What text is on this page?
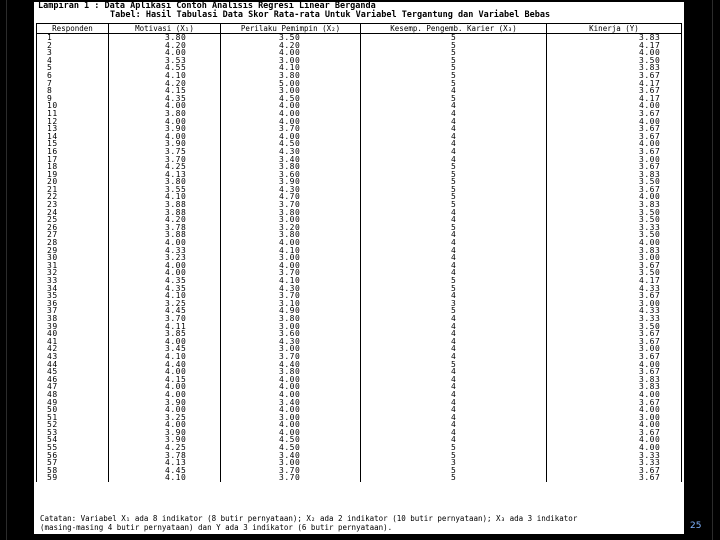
Lampiran 1 : Data Aplikasi Contoh Analisis Regresi Linear Berganda
Tabel: Hasil Tabulasi Data Skor Rata-rata Untuk Variabel Tergantung dan Variabel Bebas
Responden	Motivasi (X₁)	Perilaku Pemimpin (X₂)	Kesemp. Pengemb. Karier (X₃)	Kinerja (Y)
1	3.80	3.50	5	3.83
2	4.20	4.20	5	4.17
3	4.00	4.00	5	4.00
4	3.53	3.00	5	3.50
5	4.55	4.10	5	3.83
6	4.10	3.80	5	3.67
7	4.20	5.00	5	4.17
8	4.15	3.00	4	3.67
9	4.35	4.50	5	4.17
10	4.00	4.00	4	4.00
11	3.80	4.00	4	3.67
12	4.00	4.00	4	4.00
13	3.90	3.70	4	3.67
14	4.00	4.00	4	3.67
15	3.90	4.50	4	4.00
16	3.75	4.30	4	3.67
17	3.70	3.40	4	3.00
18	4.25	3.80	5	3.67
19	4.13	3.60	5	3.83
20	3.80	3.90	5	3.50
21	3.55	4.30	5	3.67
22	4.10	4.70	5	4.00
23	3.88	3.70	5	3.83
24	3.88	3.80	4	3.50
25	4.20	3.00	4	3.50
26	3.78	3.20	5	3.33
27	3.88	3.80	4	3.50
28	4.00	4.00	4	4.00
29	4.33	4.10	4	3.83
30	3.23	3.00	4	3.00
31	4.00	4.00	4	3.67
32	4.00	3.70	4	3.50
33	4.35	4.10	5	4.17
34	4.35	4.30	5	4.33
35	4.10	3.70	4	3.67
36	3.25	3.10	3	3.00
37	4.45	4.90	5	4.33
38	3.70	3.80	4	3.33
39	4.11	3.00	4	3.50
40	3.85	3.60	4	3.67
41	4.00	4.30	4	3.67
42	3.45	3.00	4	3.00
43	4.10	3.70	4	3.67
44	4.40	4.40	5	4.00
45	4.00	3.80	4	3.67
46	4.15	4.00	4	3.83
47	4.00	4.00	4	3.83
48	4.00	4.00	4	4.00
49	3.90	3.40	4	3.67
50	4.00	4.00	4	4.00
51	3.25	3.00	4	3.00
52	4.00	4.00	4	4.00
53	3.90	4.00	4	3.67
54	3.90	4.50	4	4.00
55	4.25	4.50	5	4.00
56	3.78	3.40	5	3.33
57	4.13	3.00	3	3.33
58	4.45	3.70	5	3.67
59	4.10	3.70	5	3.67
Catatan: Variabel X₁ ada 8 indikator (8 butir pernyataan); X₂ ada 2 indikator (10 butir pernyataan); X₃ ada 3 indikator
(masing-masing 4 butir pernyataan) dan Y ada 3 indikator (6 butir pernyataan).	25
